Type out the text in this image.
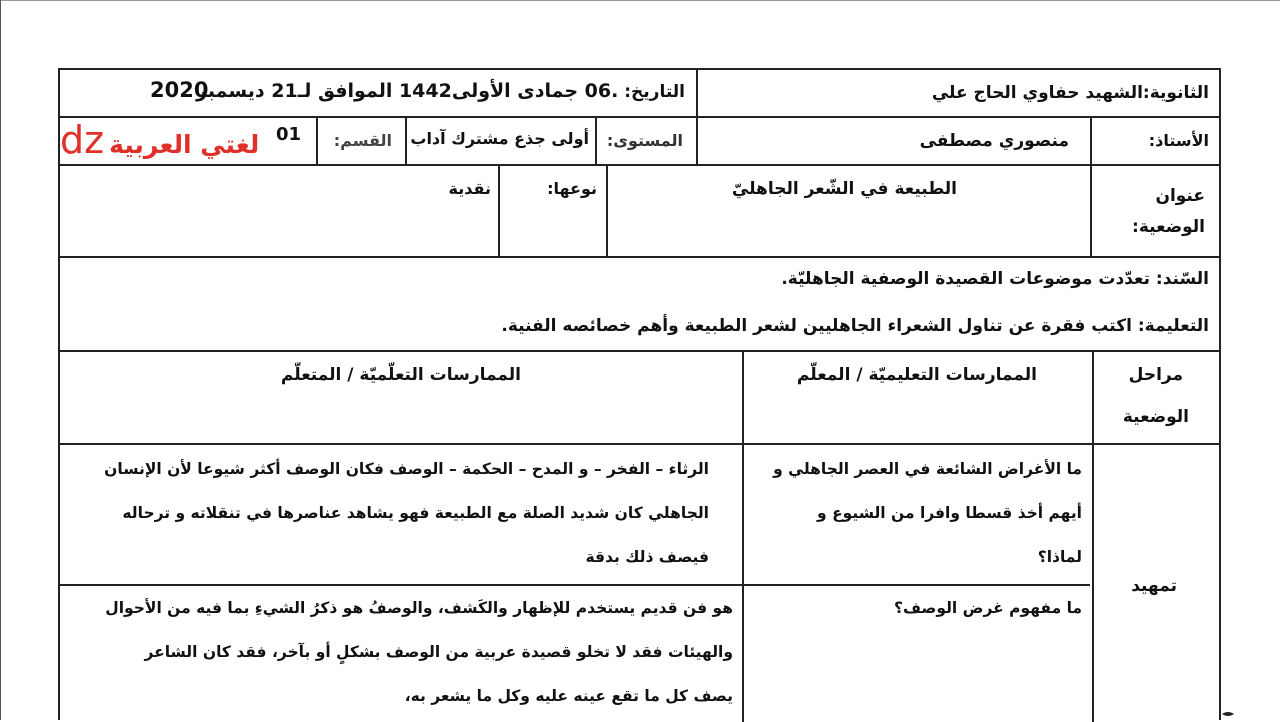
الثانوية:الشهيد حفاوي الحاج علي
التاريخ: .06 جمادى الأولى1442 الموافق لـ21 ديسمبر
2020
الأستاذ:
منصوري مصطفى
المستوى:
أولى جذع مشترك آداب
القسم:
01
عنوان
الوضعية:
الطبيعة في الشّعر الجاهليّ
نوعها:
نقدية
السّند: تعدّدت موضوعات القصيدة الوصفية الجاهليّة.
التعليمة: اكتب فقرة عن تناول الشعراء الجاهليين لشعر الطبيعة وأهم خصائصه الفنية.
مراحل
الوضعية
الممارسات التعليميّة / المعلّم
الممارسات التعلّميّة / المتعلّم
تمهيد
ما الأغراض الشائعة في العصر الجاهلي و أيهم أخذ قسطا وافرا من الشيوع و لماذا؟
الرثاء – الفخر – و المدح – الحكمة – الوصف فكان الوصف أكثر شيوعا لأن الإنسان الجاهلي كان شديد الصلة مع الطبيعة فهو يشاهد عناصرها في تنقلاته و ترحاله فيصف ذلك بدقة
ما مفهوم غرض الوصف؟
هو فن قديم يستخدم للإظهار والكَشف، والوصفُ هو ذكرُ الشيءِ بما فيه من الأحوال والهيئات فقد لا تخلو قصيدة عربية من الوصف بشكلٍ أو بآخر، فقد كان الشاعر يصف كل ما تقع عينه عليه وكل ما يشعر به،
dz لغتي العربية
